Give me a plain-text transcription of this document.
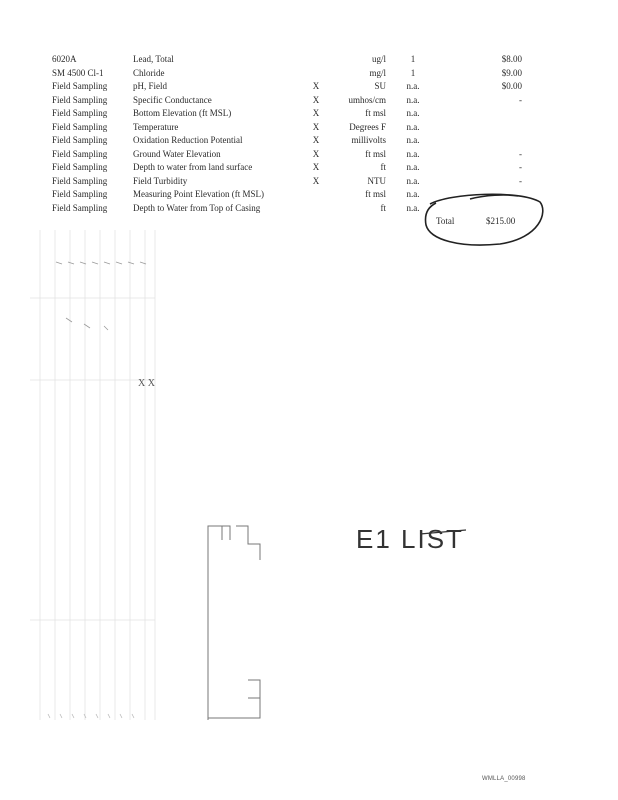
6020A	Lead, Total	ug/l	1	$8.00
SM 4500 Cl-1	Chloride	mg/l	1	$9.00
Field Sampling	pH, Field	X	SU	n.a.	$0.00
Field Sampling	Specific Conductance	X	umhos/cm	n.a.	-
Field Sampling	Bottom Elevation (ft MSL)	X	ft msl	n.a.
Field Sampling	Temperature	X	Degrees F	n.a.
Field Sampling	Oxidation Reduction Potential	X	millivolts	n.a.
Field Sampling	Ground Water Elevation	X	ft msl	n.a.	-
Field Sampling	Depth to water from land surface	X	ft	n.a.	-
Field Sampling	Field Turbidity	X	NTU	n.a.	-
Field Sampling	Measuring Point Elevation (ft MSL)	ft msl	n.a.
Field Sampling	Depth to Water from Top of Casing	ft	n.a.
Total	$215.00
X X
E1 LIST
WMLLA_00998
